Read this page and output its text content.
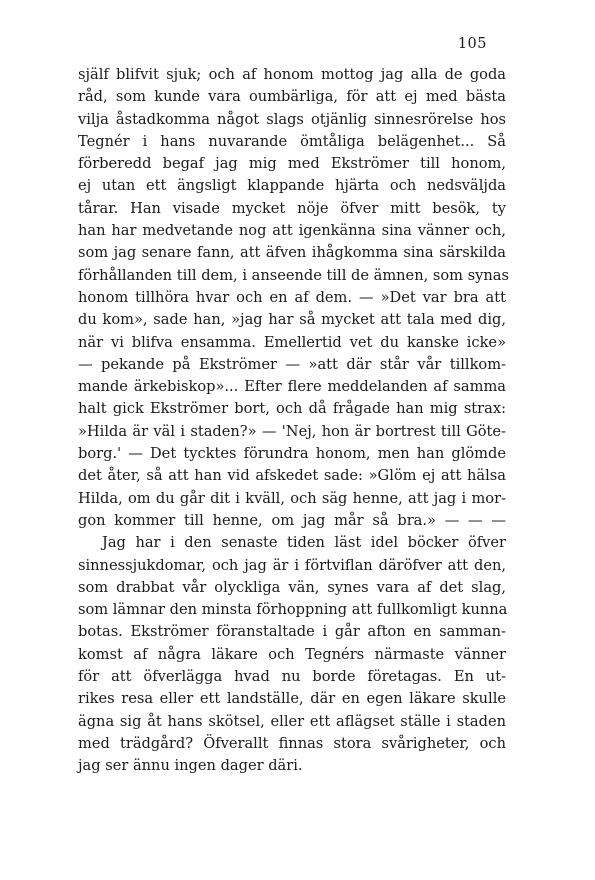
105
själf blifvit sjuk; och af honom mottog jag alla de goda
råd, som kunde vara oumbärliga, för att ej med bästa
vilja åstadkomma något slags otjänlig sinnesrörelse hos
Tegnér i hans nuvarande ömtåliga belägenhet... Så
förberedd begaf jag mig med Ekströmer till honom,
ej utan ett ängsligt klappande hjärta och nedsväljda
tårar. Han visade mycket nöje öfver mitt besök, ty
han har medvetande nog att igenkänna sina vänner och,
som jag senare fann, att äfven ihågkomma sina särskilda
förhållanden till dem, i anseende till de ämnen, som synas
honom tillhöra hvar och en af dem. — »Det var bra att
du kom», sade han, »jag har så mycket att tala med dig,
när vi blifva ensamma. Emellertid vet du kanske icke»
— pekande på Ekströmer — »att där står vår tillkom-
mande ärkebiskop»... Efter flere meddelanden af samma
halt gick Ekströmer bort, och då frågade han mig strax:
»Hilda är väl i staden?» — 'Nej, hon är bortrest till Göte-
borg.' — Det tycktes förundra honom, men han glömde
det åter, så att han vid afskedet sade: »Glöm ej att hälsa
Hilda, om du går dit i kväll, och säg henne, att jag i mor-
gon kommer till henne, om jag mår så bra.» — — —
Jag har i den senaste tiden läst idel böcker öfver
sinnessjukdomar, och jag är i förtviflan däröfver att den,
som drabbat vår olyckliga vän, synes vara af det slag,
som lämnar den minsta förhoppning att fullkomligt kunna
botas. Ekströmer föranstaltade i går afton en samman-
komst af några läkare och Tegnérs närmaste vänner
för att öfverlägga hvad nu borde företagas. En ut-
rikes resa eller ett landställe, där en egen läkare skulle
ägna sig åt hans skötsel, eller ett aflägset ställe i staden
med trädgård? Öfverallt finnas stora svårigheter, och
jag ser ännu ingen dager däri.
